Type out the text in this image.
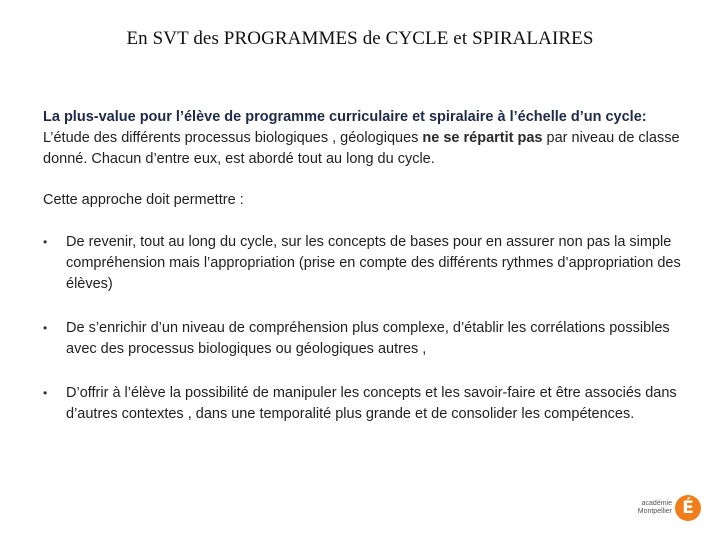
En SVT des PROGRAMMES de CYCLE et SPIRALAIRES

La plus-value pour l’élève de programme curriculaire et spiralaire à l’échelle d’un cycle:

L’étude des différents processus biologiques , géologiques ne se répartit pas par niveau de classe donné. Chacun d’entre eux, est abordé tout au long du cycle.

Cette approche doit permettre :

• De revenir, tout au long du cycle, sur les concepts de bases pour en assurer non pas la simple compréhension mais l’appropriation (prise en compte des différents rythmes d’appropriation des élèves)
• De s’enrichir d’un niveau de compréhension plus complexe, d’établir les corrélations possibles avec des processus biologiques ou géologiques autres ,
• D’offrir à l’élève la possibilité de manipuler les concepts et les savoir-faire et être associés dans d’autres contextes , dans une temporalité plus grande et de consolider les compétences.
académie
Montpellier É
